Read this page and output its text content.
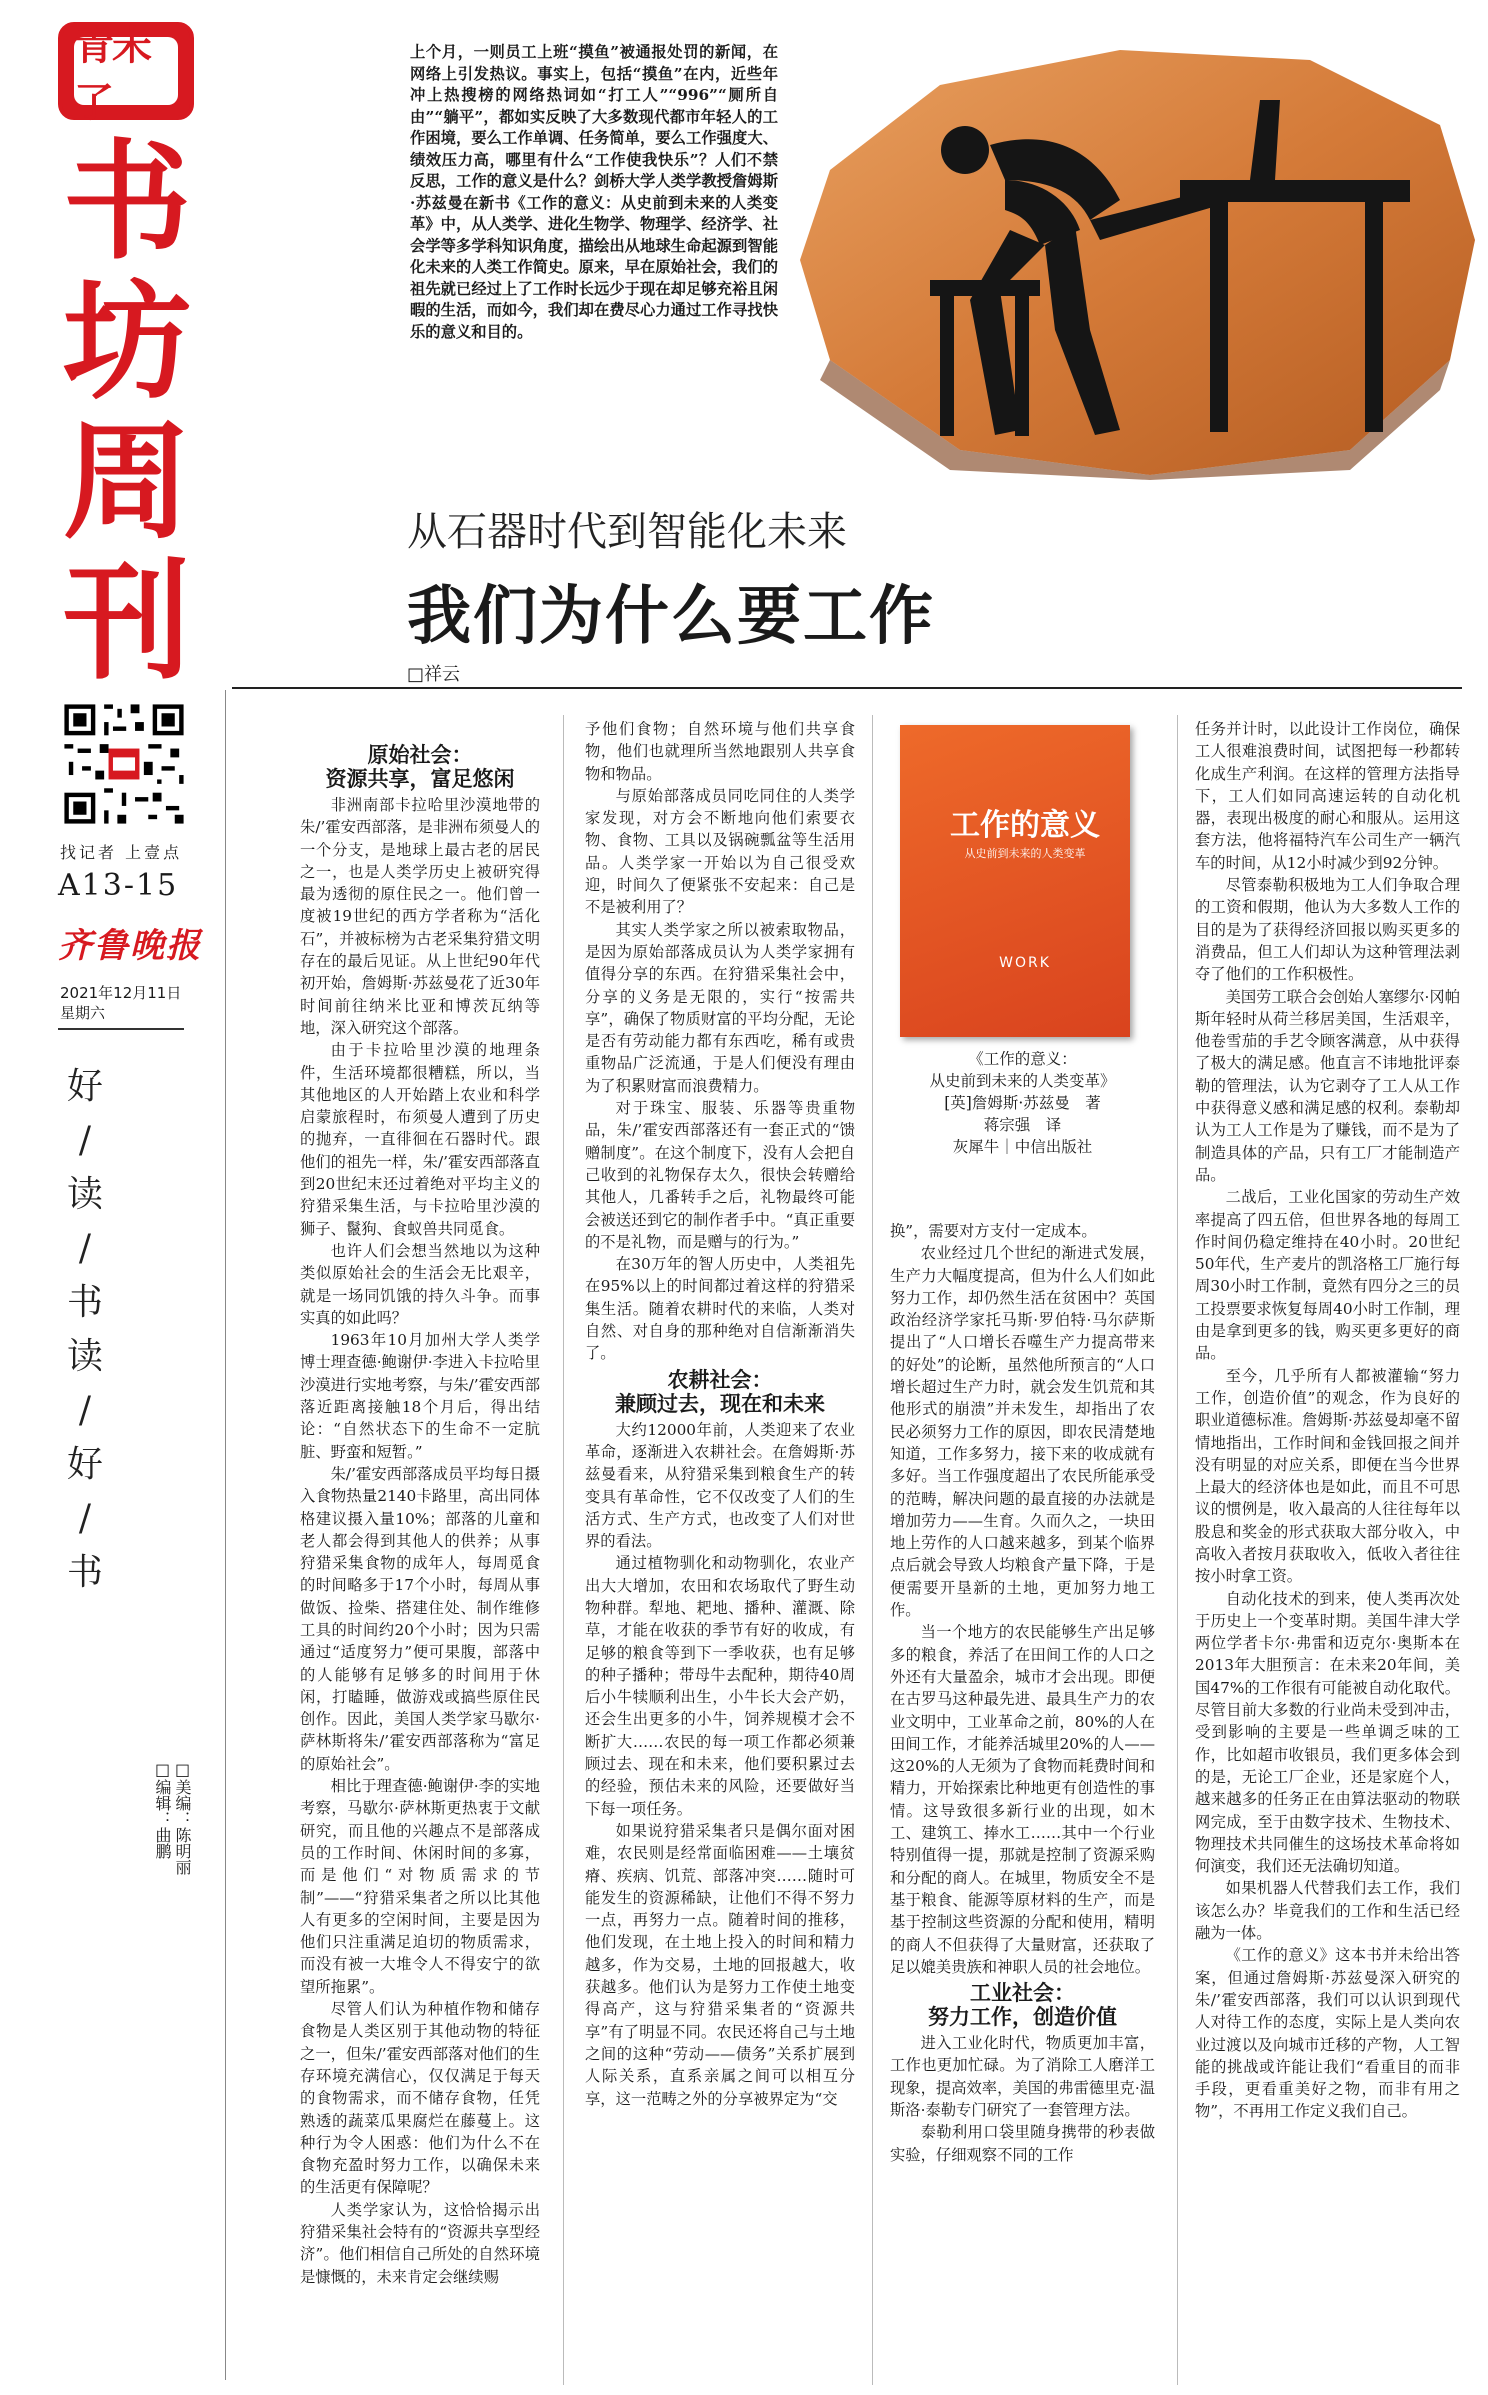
青未了
书
坊
周
刊
找记者 上壹点
A13-15
齐鲁晚报
2021年12月11日
星期六
好
/
读
/
书
读
/
好
/
书
□美编：陈明丽
□编辑：曲鹏
上个月，一则员工上班“摸鱼”被通报处罚的新闻，在网络上引发热议。事实上，包括“摸鱼”在内，近些年冲上热搜榜的网络热词如“打工人”“996”“厕所自由”“躺平”，都如实反映了大多数现代都市年轻人的工作困境，要么工作单调、任务简单，要么工作强度大、绩效压力高，哪里有什么“工作使我快乐”？人们不禁反思，工作的意义是什么？剑桥大学人类学教授詹姆斯·苏兹曼在新书《工作的意义：从史前到未来的人类变革》中，从人类学、进化生物学、物理学、经济学、社会学等多学科知识角度，描绘出从地球生命起源到智能化未来的人类工作简史。原来，早在原始社会，我们的祖先就已经过上了工作时长远少于现在却足够充裕且闲暇的生活，而如今，我们却在费尽心力通过工作寻找快乐的意义和目的。
从石器时代到智能化未来
我们为什么要工作
□祥云

原始社会：

资源共享，富足悠闲

非洲南部卡拉哈里沙漠地带的朱/’霍安西部落，是非洲布须曼人的一个分支，是地球上最古老的居民之一，也是人类学历史上被研究得最为透彻的原住民之一。他们曾一度被19世纪的西方学者称为“活化石”，并被标榜为古老采集狩猎文明存在的最后见证。从上世纪90年代初开始，詹姆斯·苏兹曼花了近30年时间前往纳米比亚和博茨瓦纳等地，深入研究这个部落。

由于卡拉哈里沙漠的地理条件，生活环境都很糟糕，所以，当其他地区的人开始踏上农业和科学启蒙旅程时，布须曼人遭到了历史的抛弃，一直徘徊在石器时代。跟他们的祖先一样，朱/’霍安西部落直到20世纪末还过着绝对平均主义的狩猎采集生活，与卡拉哈里沙漠的狮子、鬣狗、食蚁兽共同觅食。

也许人们会想当然地以为这种类似原始社会的生活会无比艰辛，就是一场同饥饿的持久斗争。而事实真的如此吗？

1963年10月加州大学人类学博士理查德·鲍谢伊·李进入卡拉哈里沙漠进行实地考察，与朱/’霍安西部落近距离接触18个月后，得出结论：“自然状态下的生命不一定肮脏、野蛮和短暂。”

朱/’霍安西部落成员平均每日摄入食物热量2140卡路里，高出同体格建议摄入量10%；部落的儿童和老人都会得到其他人的供养；从事狩猎采集食物的成年人，每周觅食的时间略多于17个小时，每周从事做饭、捡柴、搭建住处、制作维修工具的时间约20个小时；因为只需通过“适度努力”便可果腹，部落中的人能够有足够多的时间用于休闲，打瞌睡，做游戏或搞些原住民创作。因此，美国人类学家马歇尔·萨林斯将朱/’霍安西部落称为“富足的原始社会”。

相比于理查德·鲍谢伊·李的实地考察，马歇尔·萨林斯更热衷于文献研究，而且他的兴趣点不是部落成员的工作时间、休闲时间的多寡，而是他们“对物质需求的节制”——“狩猎采集者之所以比其他人有更多的空闲时间，主要是因为他们只注重满足迫切的物质需求，而没有被一大堆令人不得安宁的欲望所拖累”。

尽管人们认为种植作物和储存食物是人类区别于其他动物的特征之一，但朱/’霍安西部落对他们的生存环境充满信心，仅仅满足于每天的食物需求，而不储存食物，任凭熟透的蔬菜瓜果腐烂在藤蔓上。这种行为令人困惑：他们为什么不在食物充盈时努力工作，以确保未来的生活更有保障呢？

人类学家认为，这恰恰揭示出狩猎采集社会特有的“资源共享型经济”。他们相信自己所处的自然环境是慷慨的，未来肯定会继续赐

予他们食物；自然环境与他们共享食物，他们也就理所当然地跟别人共享食物和物品。

与原始部落成员同吃同住的人类学家发现，对方会不断地向他们索要衣物、食物、工具以及锅碗瓢盆等生活用品。人类学家一开始以为自己很受欢迎，时间久了便紧张不安起来：自己是不是被利用了？

其实人类学家之所以被索取物品，是因为原始部落成员认为人类学家拥有值得分享的东西。在狩猎采集社会中，分享的义务是无限的，实行“按需共享”，确保了物质财富的平均分配，无论是否有劳动能力都有东西吃，稀有或贵重物品广泛流通，于是人们便没有理由为了积累财富而浪费精力。

对于珠宝、服装、乐器等贵重物品，朱/’霍安西部落还有一套正式的“馈赠制度”。在这个制度下，没有人会把自己收到的礼物保存太久，很快会转赠给其他人，几番转手之后，礼物最终可能会被送还到它的制作者手中。“真正重要的不是礼物，而是赠与的行为。”

在30万年的智人历史中，人类祖先在95%以上的时间都过着这样的狩猎采集生活。随着农耕时代的来临，人类对自然、对自身的那种绝对自信渐渐消失了。

农耕社会：

兼顾过去，现在和未来

大约12000年前，人类迎来了农业革命，逐渐进入农耕社会。在詹姆斯·苏兹曼看来，从狩猎采集到粮食生产的转变具有革命性，它不仅改变了人们的生活方式、生产方式，也改变了人们对世界的看法。

通过植物驯化和动物驯化，农业产出大大增加，农田和农场取代了野生动物种群。犁地、耙地、播种、灌溉、除草，才能在收获的季节有好的收成，有足够的粮食等到下一季收获，也有足够的种子播种；带母牛去配种，期待40周后小牛犊顺利出生，小牛长大会产奶，还会生出更多的小牛，饲养规模才会不断扩大……农民的每一项工作都必须兼顾过去、现在和未来，他们要积累过去的经验，预估未来的风险，还要做好当下每一项任务。

如果说狩猎采集者只是偶尔面对困难，农民则是经常面临困难——土壤贫瘠、疾病、饥荒、部落冲突……随时可能发生的资源稀缺，让他们不得不努力一点，再努力一点。随着时间的推移，他们发现，在土地上投入的时间和精力越多，作为交易，土地的回报越大，收获越多。他们认为是努力工作使土地变得高产，这与狩猎采集者的“资源共享”有了明显不同。农民还将自己与土地之间的这种“劳动——债务”关系扩展到人际关系，直系亲属之间可以相互分享，这一范畴之外的分享被界定为“交

工作的意义
从史前到未来的人类变革
WORK
《工作的意义：
从史前到未来的人类变革》
[英]詹姆斯·苏兹曼　著
蒋宗强　译
灰犀牛｜中信出版社

换”，需要对方支付一定成本。

农业经过几个世纪的渐进式发展，生产力大幅度提高，但为什么人们如此努力工作，却仍然生活在贫困中？英国政治经济学家托马斯·罗伯特·马尔萨斯提出了“人口增长吞噬生产力提高带来的好处”的论断，虽然他所预言的“人口增长超过生产力时，就会发生饥荒和其他形式的崩溃”并未发生，却指出了农民必须努力工作的原因，即农民清楚地知道，工作多努力，接下来的收成就有多好。当工作强度超出了农民所能承受的范畴，解决问题的最直接的办法就是增加劳力——生育。久而久之，一块田地上劳作的人口越来越多，到某个临界点后就会导致人均粮食产量下降，于是便需要开垦新的土地，更加努力地工作。

当一个地方的农民能够生产出足够多的粮食，养活了在田间工作的人口之外还有大量盈余，城市才会出现。即便在古罗马这种最先进、最具生产力的农业文明中，工业革命之前，80%的人在田间工作，才能养活城里20%的人——这20%的人无须为了食物而耗费时间和精力，开始探索比种地更有创造性的事情。这导致很多新行业的出现，如木工、建筑工、捧水工……其中一个行业特别值得一提，那就是控制了资源采购和分配的商人。在城里，物质安全不是基于粮食、能源等原材料的生产，而是基于控制这些资源的分配和使用，精明的商人不但获得了大量财富，还获取了足以媲美贵族和神职人员的社会地位。

工业社会：

努力工作，创造价值

进入工业化时代，物质更加丰富，工作也更加忙碌。为了消除工人磨洋工现象，提高效率，美国的弗雷德里克·温斯洛·泰勒专门研究了一套管理方法。

泰勒利用口袋里随身携带的秒表做实验，仔细观察不同的工作

任务并计时，以此设计工作岗位，确保工人很难浪费时间，试图把每一秒都转化成生产利润。在这样的管理方法指导下，工人们如同高速运转的自动化机器，表现出极度的耐心和服从。运用这套方法，他将福特汽车公司生产一辆汽车的时间，从12小时减少到92分钟。

尽管泰勒积极地为工人们争取合理的工资和假期，他认为大多数人工作的目的是为了获得经济回报以购买更多的消费品，但工人们却认为这种管理法剥夺了他们的工作积极性。

美国劳工联合会创始人塞缪尔·冈帕斯年轻时从荷兰移居美国，生活艰辛，他卷雪茄的手艺令顾客满意，从中获得了极大的满足感。他直言不讳地批评泰勒的管理法，认为它剥夺了工人从工作中获得意义感和满足感的权利。泰勒却认为工人工作是为了赚钱，而不是为了制造具体的产品，只有工厂才能制造产品。

二战后，工业化国家的劳动生产效率提高了四五倍，但世界各地的每周工作时间仍稳定维持在40小时。20世纪50年代，生产麦片的凯洛格工厂施行每周30小时工作制，竟然有四分之三的员工投票要求恢复每周40小时工作制，理由是拿到更多的钱，购买更多更好的商品。

至今，几乎所有人都被灌输“努力工作，创造价值”的观念，作为良好的职业道德标准。詹姆斯·苏兹曼却毫不留情地指出，工作时间和金钱回报之间并没有明显的对应关系，即便在当今世界上最大的经济体也是如此，而且不可思议的惯例是，收入最高的人往往每年以股息和奖金的形式获取大部分收入，中高收入者按月获取收入，低收入者往往按小时拿工资。

自动化技术的到来，使人类再次处于历史上一个变革时期。美国牛津大学两位学者卡尔·弗雷和迈克尔·奥斯本在2013年大胆预言：在未来20年间，美国47%的工作很有可能被自动化取代。尽管目前大多数的行业尚未受到冲击，受到影响的主要是一些单调乏味的工作，比如超市收银员，我们更多体会到的是，无论工厂企业，还是家庭个人，越来越多的任务正在由算法驱动的物联网完成，至于由数字技术、生物技术、物理技术共同催生的这场技术革命将如何演变，我们还无法确切知道。

如果机器人代替我们去工作，我们该怎么办？毕竟我们的工作和生活已经融为一体。

《工作的意义》这本书并未给出答案，但通过詹姆斯·苏兹曼深入研究的朱/’霍安西部落，我们可以认识到现代人对待工作的态度，实际上是人类向农业过渡以及向城市迁移的产物，人工智能的挑战或许能让我们“看重目的而非手段，更看重美好之物，而非有用之物”，不再用工作定义我们自己。
